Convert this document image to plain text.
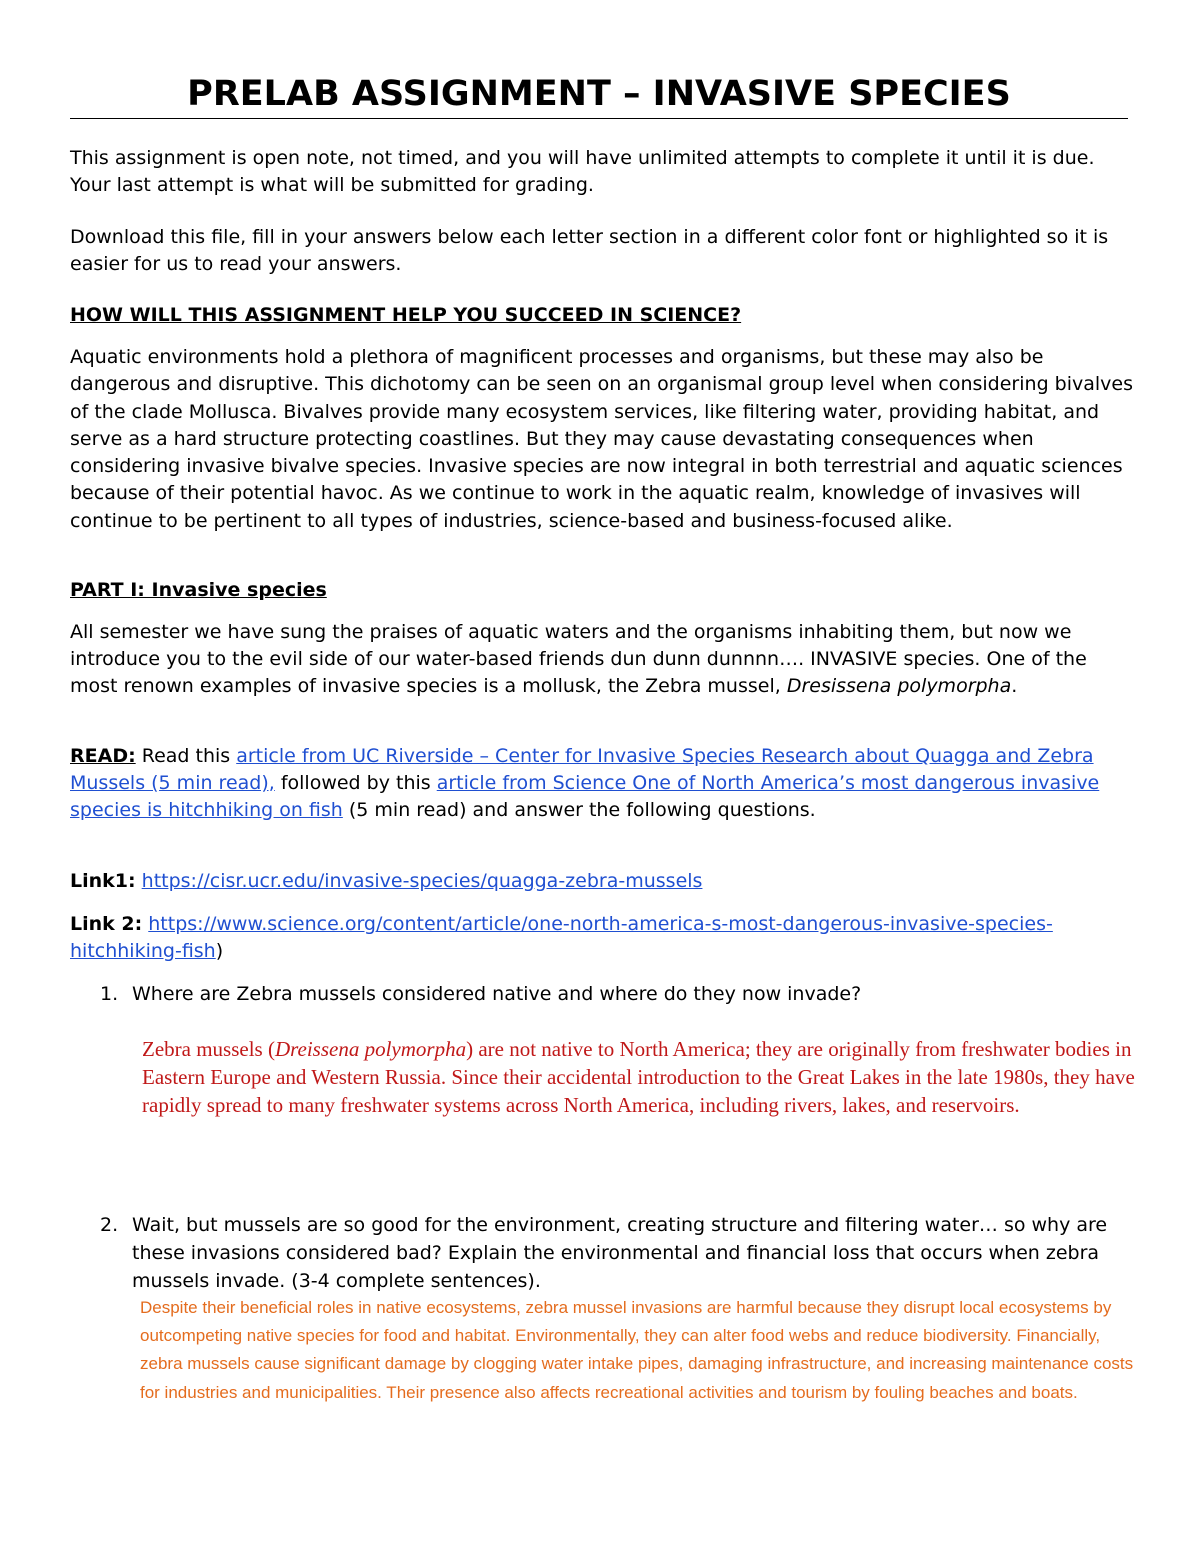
PRELAB ASSIGNMENT – INVASIVE SPECIES

This assignment is open note, not timed, and you will have unlimited attempts to complete it until it is due. Your last attempt is what will be submitted for grading.

Download this file, fill in your answers below each letter section in a different color font or highlighted so it is easier for us to read your answers.

HOW WILL THIS ASSIGNMENT HELP YOU SUCCEED IN SCIENCE?

Aquatic environments hold a plethora of magnificent processes and organisms, but these may also be dangerous and disruptive. This dichotomy can be seen on an organismal group level when considering bivalves of the clade Mollusca. Bivalves provide many ecosystem services, like filtering water, providing habitat, and serve as a hard structure protecting coastlines. But they may cause devastating consequences when considering invasive bivalve species. Invasive species are now integral in both terrestrial and aquatic sciences because of their potential havoc. As we continue to work in the aquatic realm, knowledge of invasives will continue to be pertinent to all types of industries, science-based and business-focused alike.

PART I: Invasive species

All semester we have sung the praises of aquatic waters and the organisms inhabiting them, but now we introduce you to the evil side of our water-based friends dun dunn dunnnn…. INVASIVE species. One of the most renown examples of invasive species is a mollusk, the Zebra mussel, Dresissena polymorpha.

READ: Read this article from UC Riverside – Center for Invasive Species Research about Quagga and Zebra Mussels (5 min read), followed by this article from Science One of North America’s most dangerous invasive species is hitchhiking on fish (5 min read) and answer the following questions.

Link1: https://cisr.ucr.edu/invasive-species/quagga-zebra-mussels

Link 2: https://www.science.org/content/article/one-north-america-s-most-dangerous-invasive-species-hitchhiking-fish)

1. Where are Zebra mussels considered native and where do they now invade?
Zebra mussels (Dreissena polymorpha) are not native to North America; they are originally from freshwater bodies in Eastern Europe and Western Russia. Since their accidental introduction to the Great Lakes in the late 1980s, they have rapidly spread to many freshwater systems across North America, including rivers, lakes, and reservoirs.
2. Wait, but mussels are so good for the environment, creating structure and filtering water… so why are these invasions considered bad? Explain the environmental and financial loss that occurs when zebra mussels invade. (3-4 complete sentences).
Despite their beneficial roles in native ecosystems, zebra mussel invasions are harmful because they disrupt local ecosystems by outcompeting native species for food and habitat. Environmentally, they can alter food webs and reduce biodiversity. Financially, zebra mussels cause significant damage by clogging water intake pipes, damaging infrastructure, and increasing maintenance costs for industries and municipalities. Their presence also affects recreational activities and tourism by fouling beaches and boats.
